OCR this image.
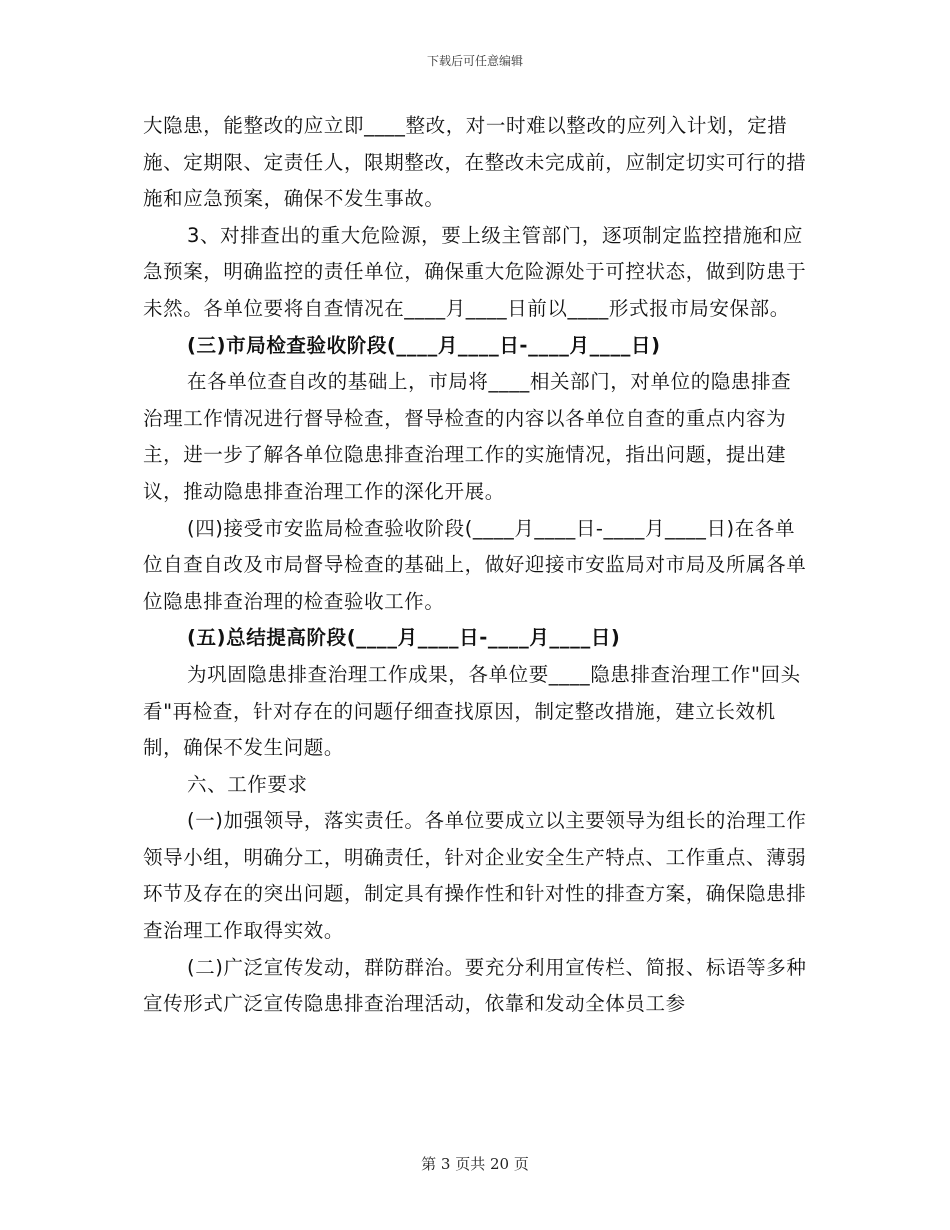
下载后可任意编辑

大隐患，能整改的应立即____整改，对一时难以整改的应列入计划，定措施、定期限、定责任人，限期整改，在整改未完成前，应制定切实可行的措施和应急预案，确保不发生事故。

3、对排查出的重大危险源，要上级主管部门，逐项制定监控措施和应急预案，明确监控的责任单位，确保重大危险源处于可控状态，做到防患于未然。各单位要将自查情况在____月____日前以____形式报市局安保部。

(三)市局检查验收阶段(____月____日-____月____日)

在各单位查自改的基础上，市局将____相关部门，对单位的隐患排查治理工作情况进行督导检查，督导检查的内容以各单位自查的重点内容为主，进一步了解各单位隐患排查治理工作的实施情况，指出问题，提出建议，推动隐患排查治理工作的深化开展。

(四)接受市安监局检查验收阶段(____月____日-____月____日)在各单位自查自改及市局督导检查的基础上，做好迎接市安监局对市局及所属各单位隐患排查治理的检查验收工作。

(五)总结提高阶段(____月____日-____月____日)

为巩固隐患排查治理工作成果，各单位要____隐患排查治理工作"回头看"再检查，针对存在的问题仔细查找原因，制定整改措施，建立长效机制，确保不发生问题。

六、工作要求

(一)加强领导，落实责任。各单位要成立以主要领导为组长的治理工作领导小组，明确分工，明确责任，针对企业安全生产特点、工作重点、薄弱环节及存在的突出问题，制定具有操作性和针对性的排查方案，确保隐患排查治理工作取得实效。

(二)广泛宣传发动，群防群治。要充分利用宣传栏、简报、标语等多种宣传形式广泛宣传隐患排查治理活动，依靠和发动全体员工参

第 3 页共 20 页
